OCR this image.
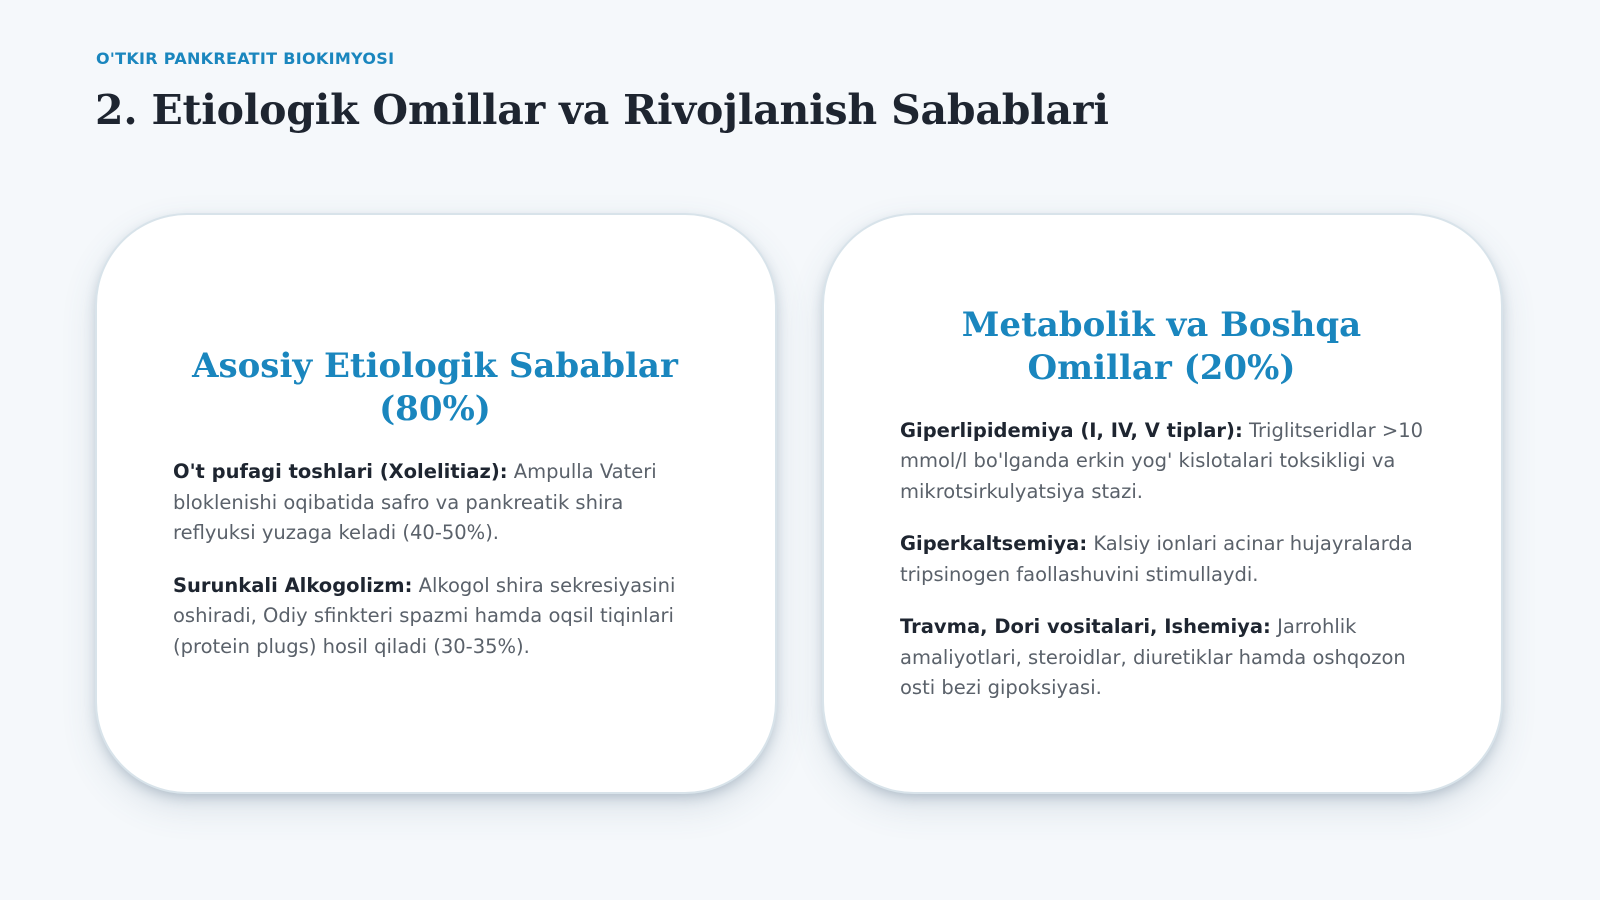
O'TKIR PANKREATIT BIOKIMYOSI
2. Etiologik Omillar va Rivojlanish Sabablari
Asosiy Etiologik Sabablar (80%)

O't pufagi toshlari (Xolelitiaz): Ampulla Vateri bloklenishi oqibatida safro va pankreatik shira reflyuksi yuzaga keladi (40-50%).

Surunkali Alkogolizm: Alkogol shira sekresiyasini oshiradi, Odiy sfinkteri spazmi hamda oqsil tiqinlari (protein plugs) hosil qiladi (30-35%).

Metabolik va Boshqa Omillar (20%)

Giperlipidemiya (I, IV, V tiplar): Triglitseridlar >10 mmol/l bo'lganda erkin yog' kislotalari toksikligi va mikrotsirkulyatsiya stazi.

Giperkaltsemiya: Kalsiy ionlari acinar hujayralarda tripsinogen faollashuvini stimullaydi.

Travma, Dori vositalari, Ishemiya: Jarrohlik amaliyotlari, steroidlar, diuretiklar hamda oshqozon osti bezi gipoksiyasi.
